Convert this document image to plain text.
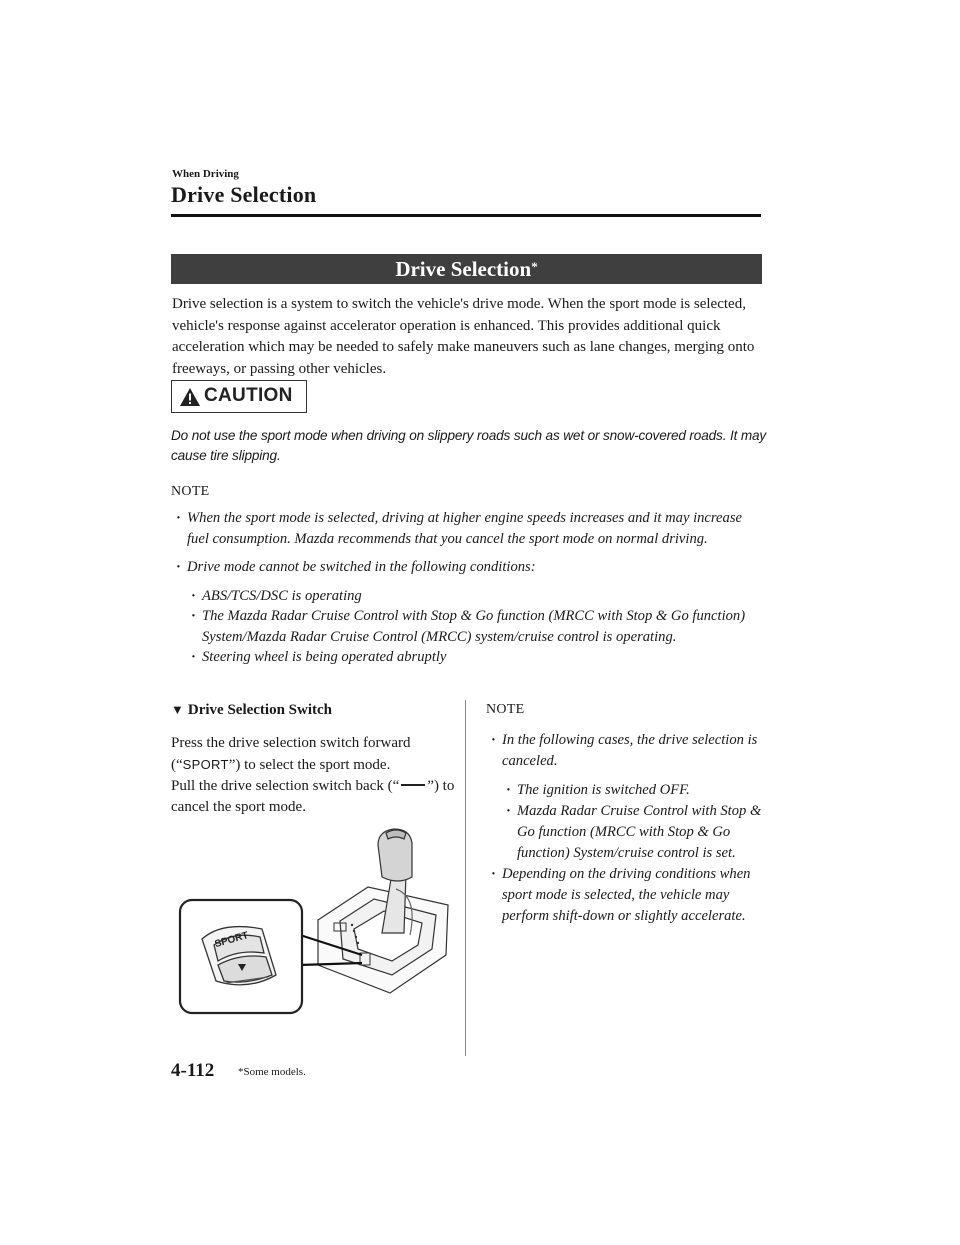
When Driving
Drive Selection
Drive Selection*
Drive selection is a system to switch the vehicle's drive mode. When the sport mode is selected, vehicle's response against accelerator operation is enhanced. This provides additional quick acceleration which may be needed to safely make maneuvers such as lane changes, merging onto freeways, or passing other vehicles.
CAUTION
Do not use the sport mode when driving on slippery roads such as wet or snow-covered roads. It may cause tire slipping.
NOTE
· When the sport mode is selected, driving at higher engine speeds increases and it may increase fuel consumption. Mazda recommends that you cancel the sport mode on normal driving.
· Drive mode cannot be switched in the following conditions:
· ABS/TCS/DSC is operating
· The Mazda Radar Cruise Control with Stop & Go function (MRCC with Stop & Go function) System/Mazda Radar Cruise Control (MRCC) system/cruise control is operating.
· Steering wheel is being operated abruptly
▼ Drive Selection Switch
Press the drive selection switch forward (“SPORT”) to select the sport mode.
Pull the drive selection switch back (“ ”) to cancel the sport mode.
SPORT
NOTE
· In the following cases, the drive selection is canceled.
· The ignition is switched OFF.
· Mazda Radar Cruise Control with Stop & Go function (MRCC with Stop & Go function) System/cruise control is set.
· Depending on the driving conditions when sport mode is selected, the vehicle may perform shift-down or slightly accelerate.
4-112 *Some models.
